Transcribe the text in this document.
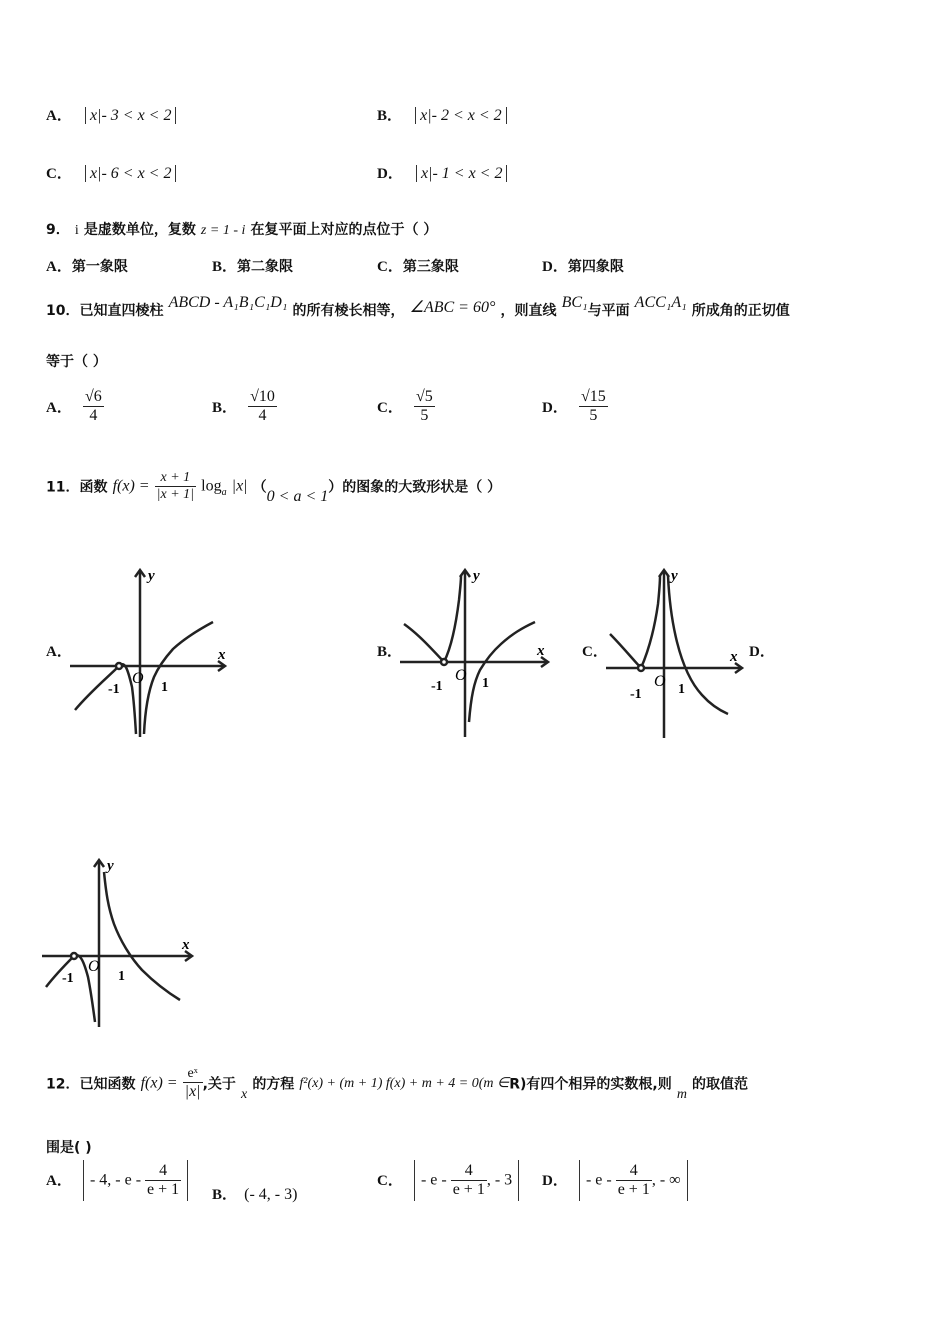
A． x|- 3 < x < 2	B． x|- 2 < x < 2
C． x|- 6 < x < 2	D． x|- 1 < x < 2
9． i 是虚数单位，复数 z = 1 - i 在复平面上对应的点位于（ ）
A．第一象限	B．第二象限	C．第三象限	D．第四象限
10．已知直四棱柱 ABCD - A₁B₁C₁D₁ 的所有棱长相等， ∠ABC = 60° ，则直线 BC₁与平面 ACC₁A₁ 所成角的正切值
等于（ ）
A． $\frac{√6}{4}$	B． $\frac{√10}{4}$	C． $\frac{√5}{5}$	D． $\frac{√15}{5}$
11．函数 $f(x) = \frac{x + 1}{|x + 1|} \log_a |x|$ （0 < a < 1）的图象的大致形状是（ ）
A．	B．	C．	D．
y
x
-1
O
1
y
x
-1
O 1
y
x
-1
O 1
y
x
-1
O
1
12．已知函数 $f(x) = \frac{\text{eˣ}}{|x|}$ ,关于 x 的方程 f²(x) + (m + 1) f(x) + m + 4 = 0(m ∈R)有四个相异的实数根,则 m 的取值范
围是( )
A． - 4, - e - $\frac{4}{e + 1}$ B． (- 4, - 3)
C． - e - $\frac{4}{e + 1}$ , - 3	D． - e - $\frac{4}{e + 1}$ , - ∞
